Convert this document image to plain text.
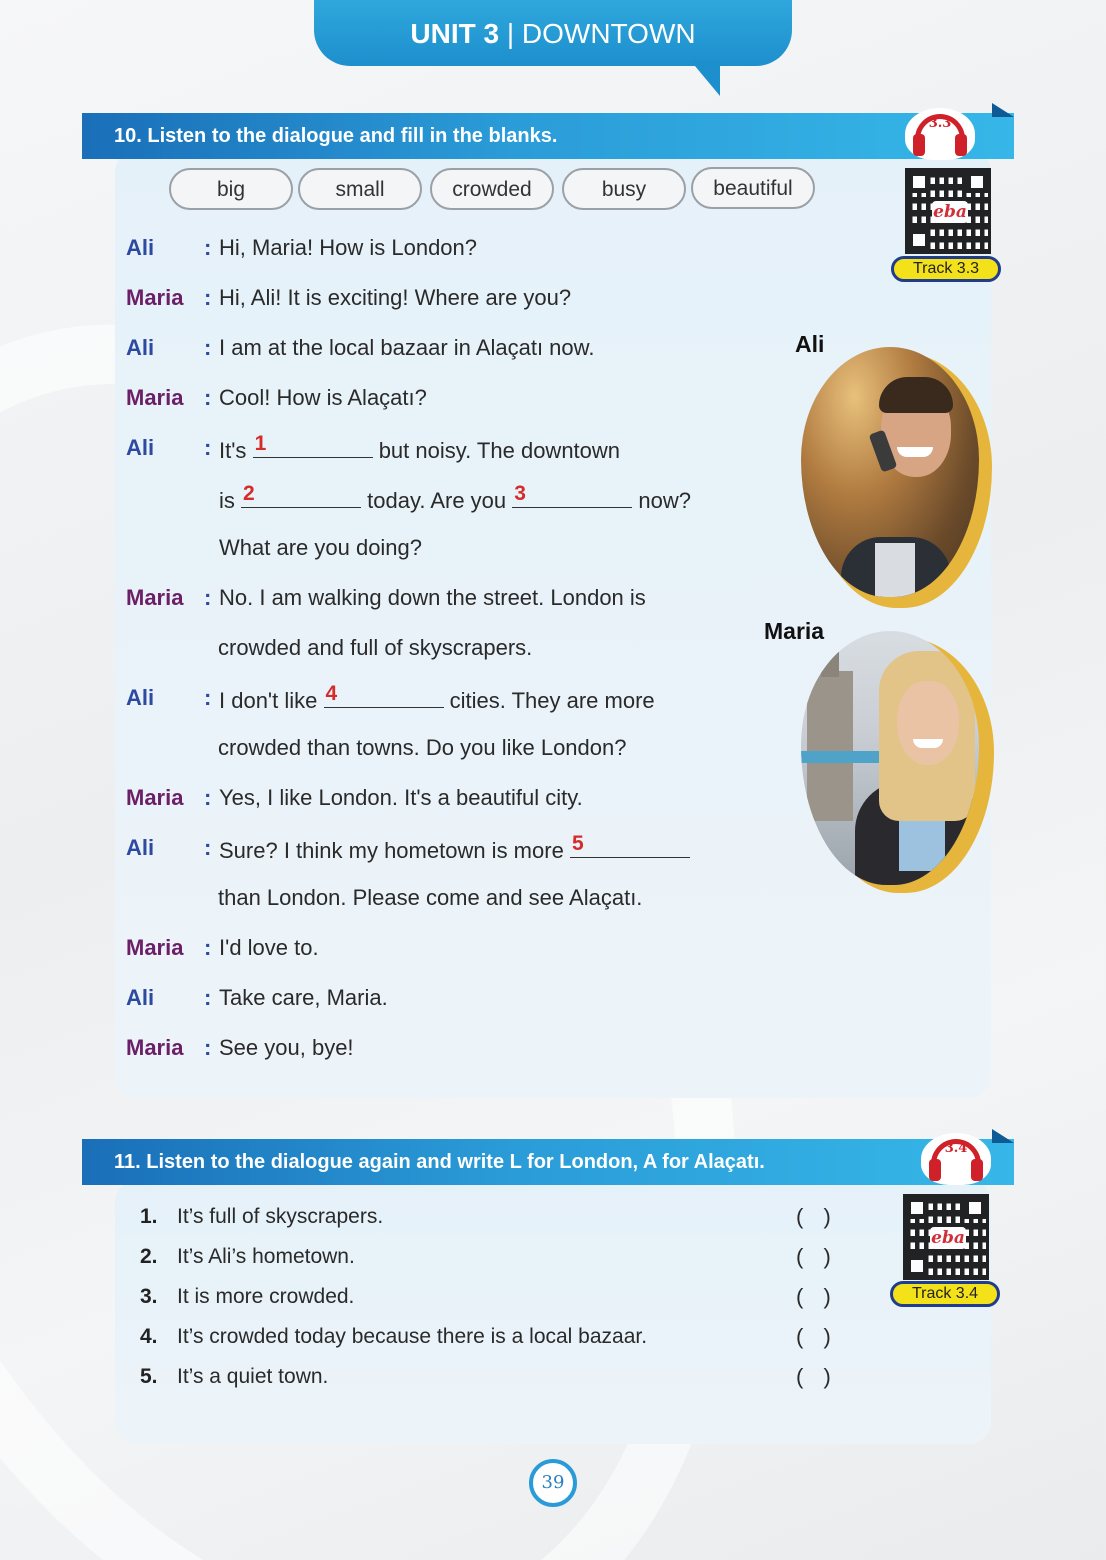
UNIT 3 | DOWNTOWN
10. Listen to the dialogue and fill in the blanks.
3.3
eba
Track 3.3
big	small	crowded	busy	beautiful
Ali : Hi, Maria! How is London?
Maria : Hi, Ali! It is exciting! Where are you?
Ali : I am at the local bazaar in Alaçatı now.
Maria : Cool! How is Alaçatı?
Ali : It's 1	but noisy. The downtown
is 2	today. Are you 3	now?
What are you doing?
Maria : No. I am walking down the street. London is
crowded and full of skyscrapers.
Ali : I don't like 4	cities. They are more
crowded than towns. Do you like London?
Maria : Yes, I like London. It's a beautiful city.
Ali : Sure? I think my hometown is more 5
than London. Please come and see Alaçatı.
Maria : I'd love to.
Ali : Take care, Maria.
Maria : See you, bye!
Ali
Maria
11. Listen to the dialogue again and write L for London, A for Alaçatı.
3.4
eba
Track 3.4
1. It’s full of skyscrapers.	( )
2. It’s Ali’s hometown.	( )
3. It is more crowded.	( )
4. It’s crowded today because there is a local bazaar.	( )
5. It’s a quiet town.	( )
39
